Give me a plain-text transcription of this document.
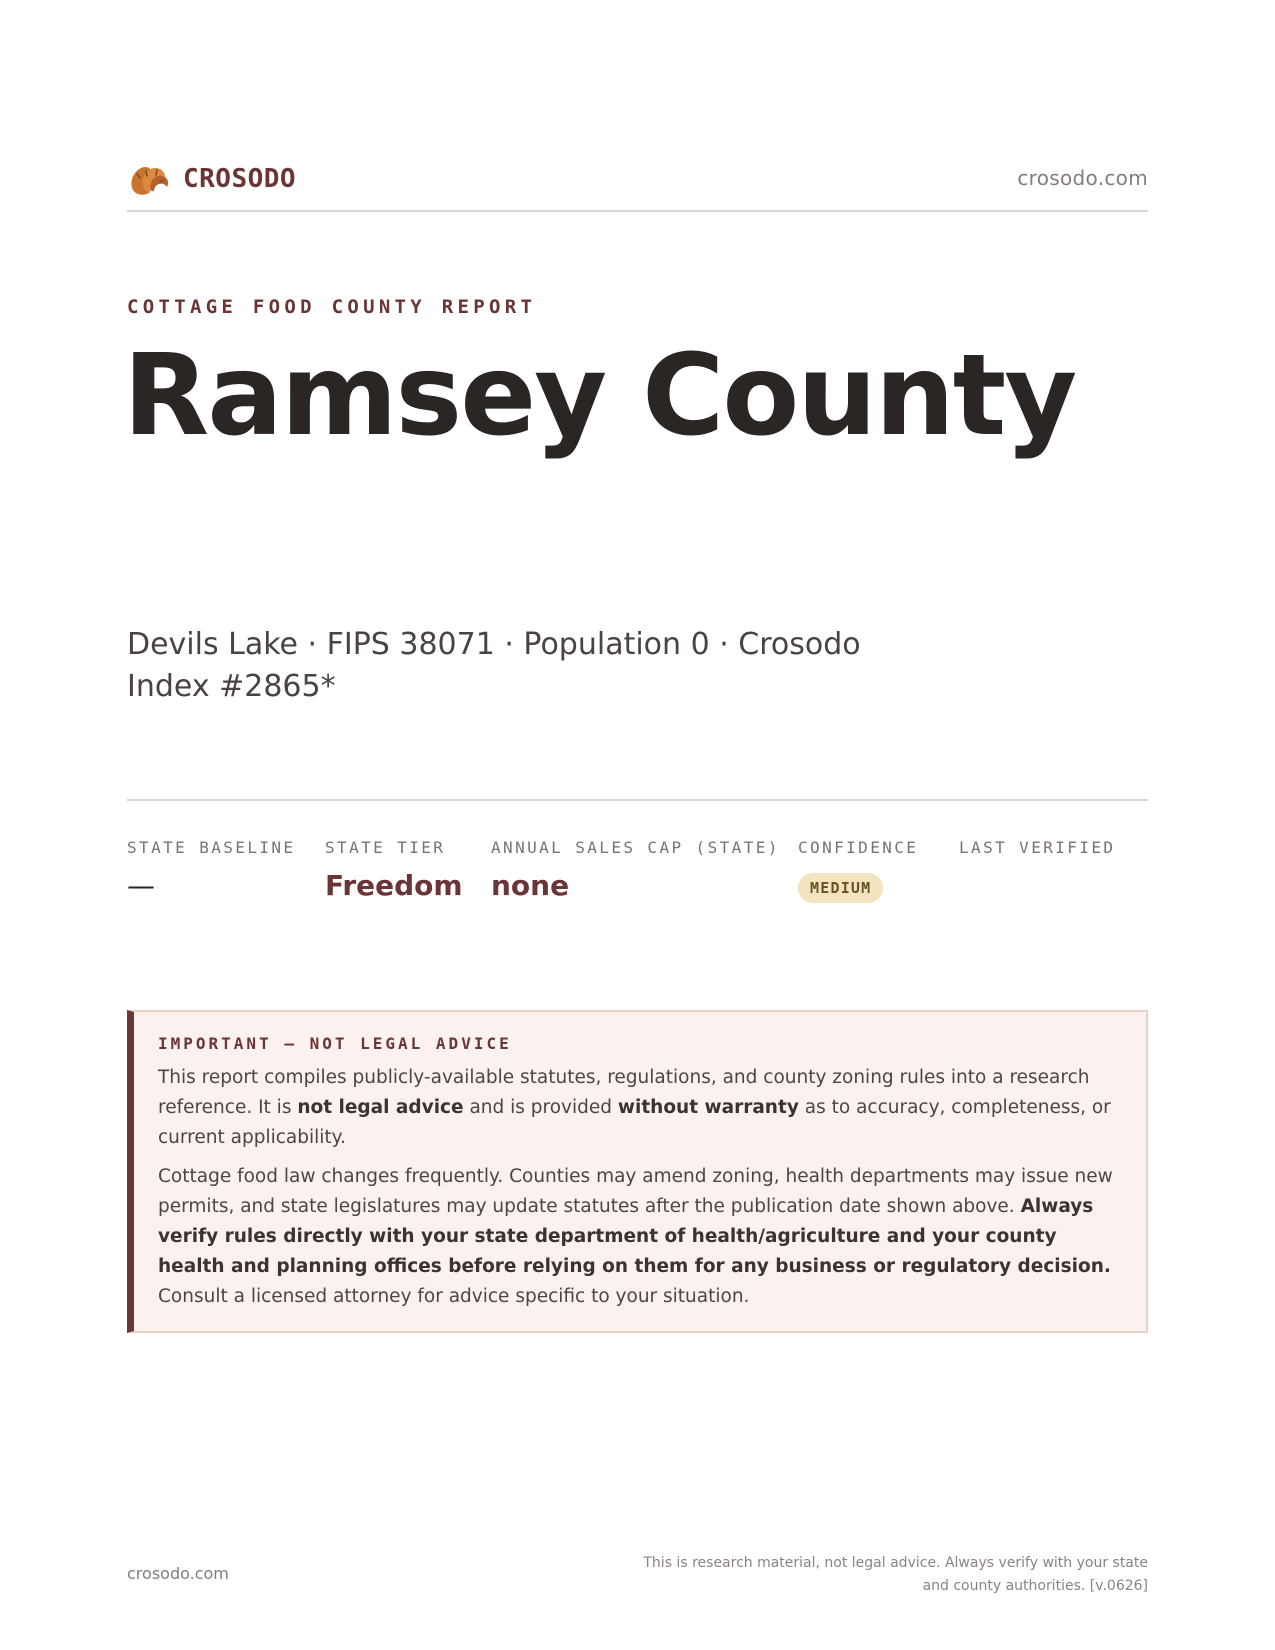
CROSODO	crosodo.com
COTTAGE FOOD COUNTY REPORT
Ramsey County
Devils Lake · FIPS 38071 · Population 0 · Crosodo Index #2865*
STATE BASELINE
—
STATE TIER
Freedom
ANNUAL SALES CAP (STATE)
none
CONFIDENCE
MEDIUM
LAST VERIFIED
IMPORTANT — NOT LEGAL ADVICE

This report compiles publicly-available statutes, regulations, and county zoning rules into a research reference. It is not legal advice and is provided without warranty as to accuracy, completeness, or current applicability.

Cottage food law changes frequently. Counties may amend zoning, health departments may issue new permits, and state legislatures may update statutes after the publication date shown above. Always verify rules directly with your state department of health/agriculture and your county health and planning offices before relying on them for any business or regulatory decision. Consult a licensed attorney for advice specific to your situation.

crosodo.com
This is research material, not legal advice. Always verify with your state
and county authorities. [v.0626]
